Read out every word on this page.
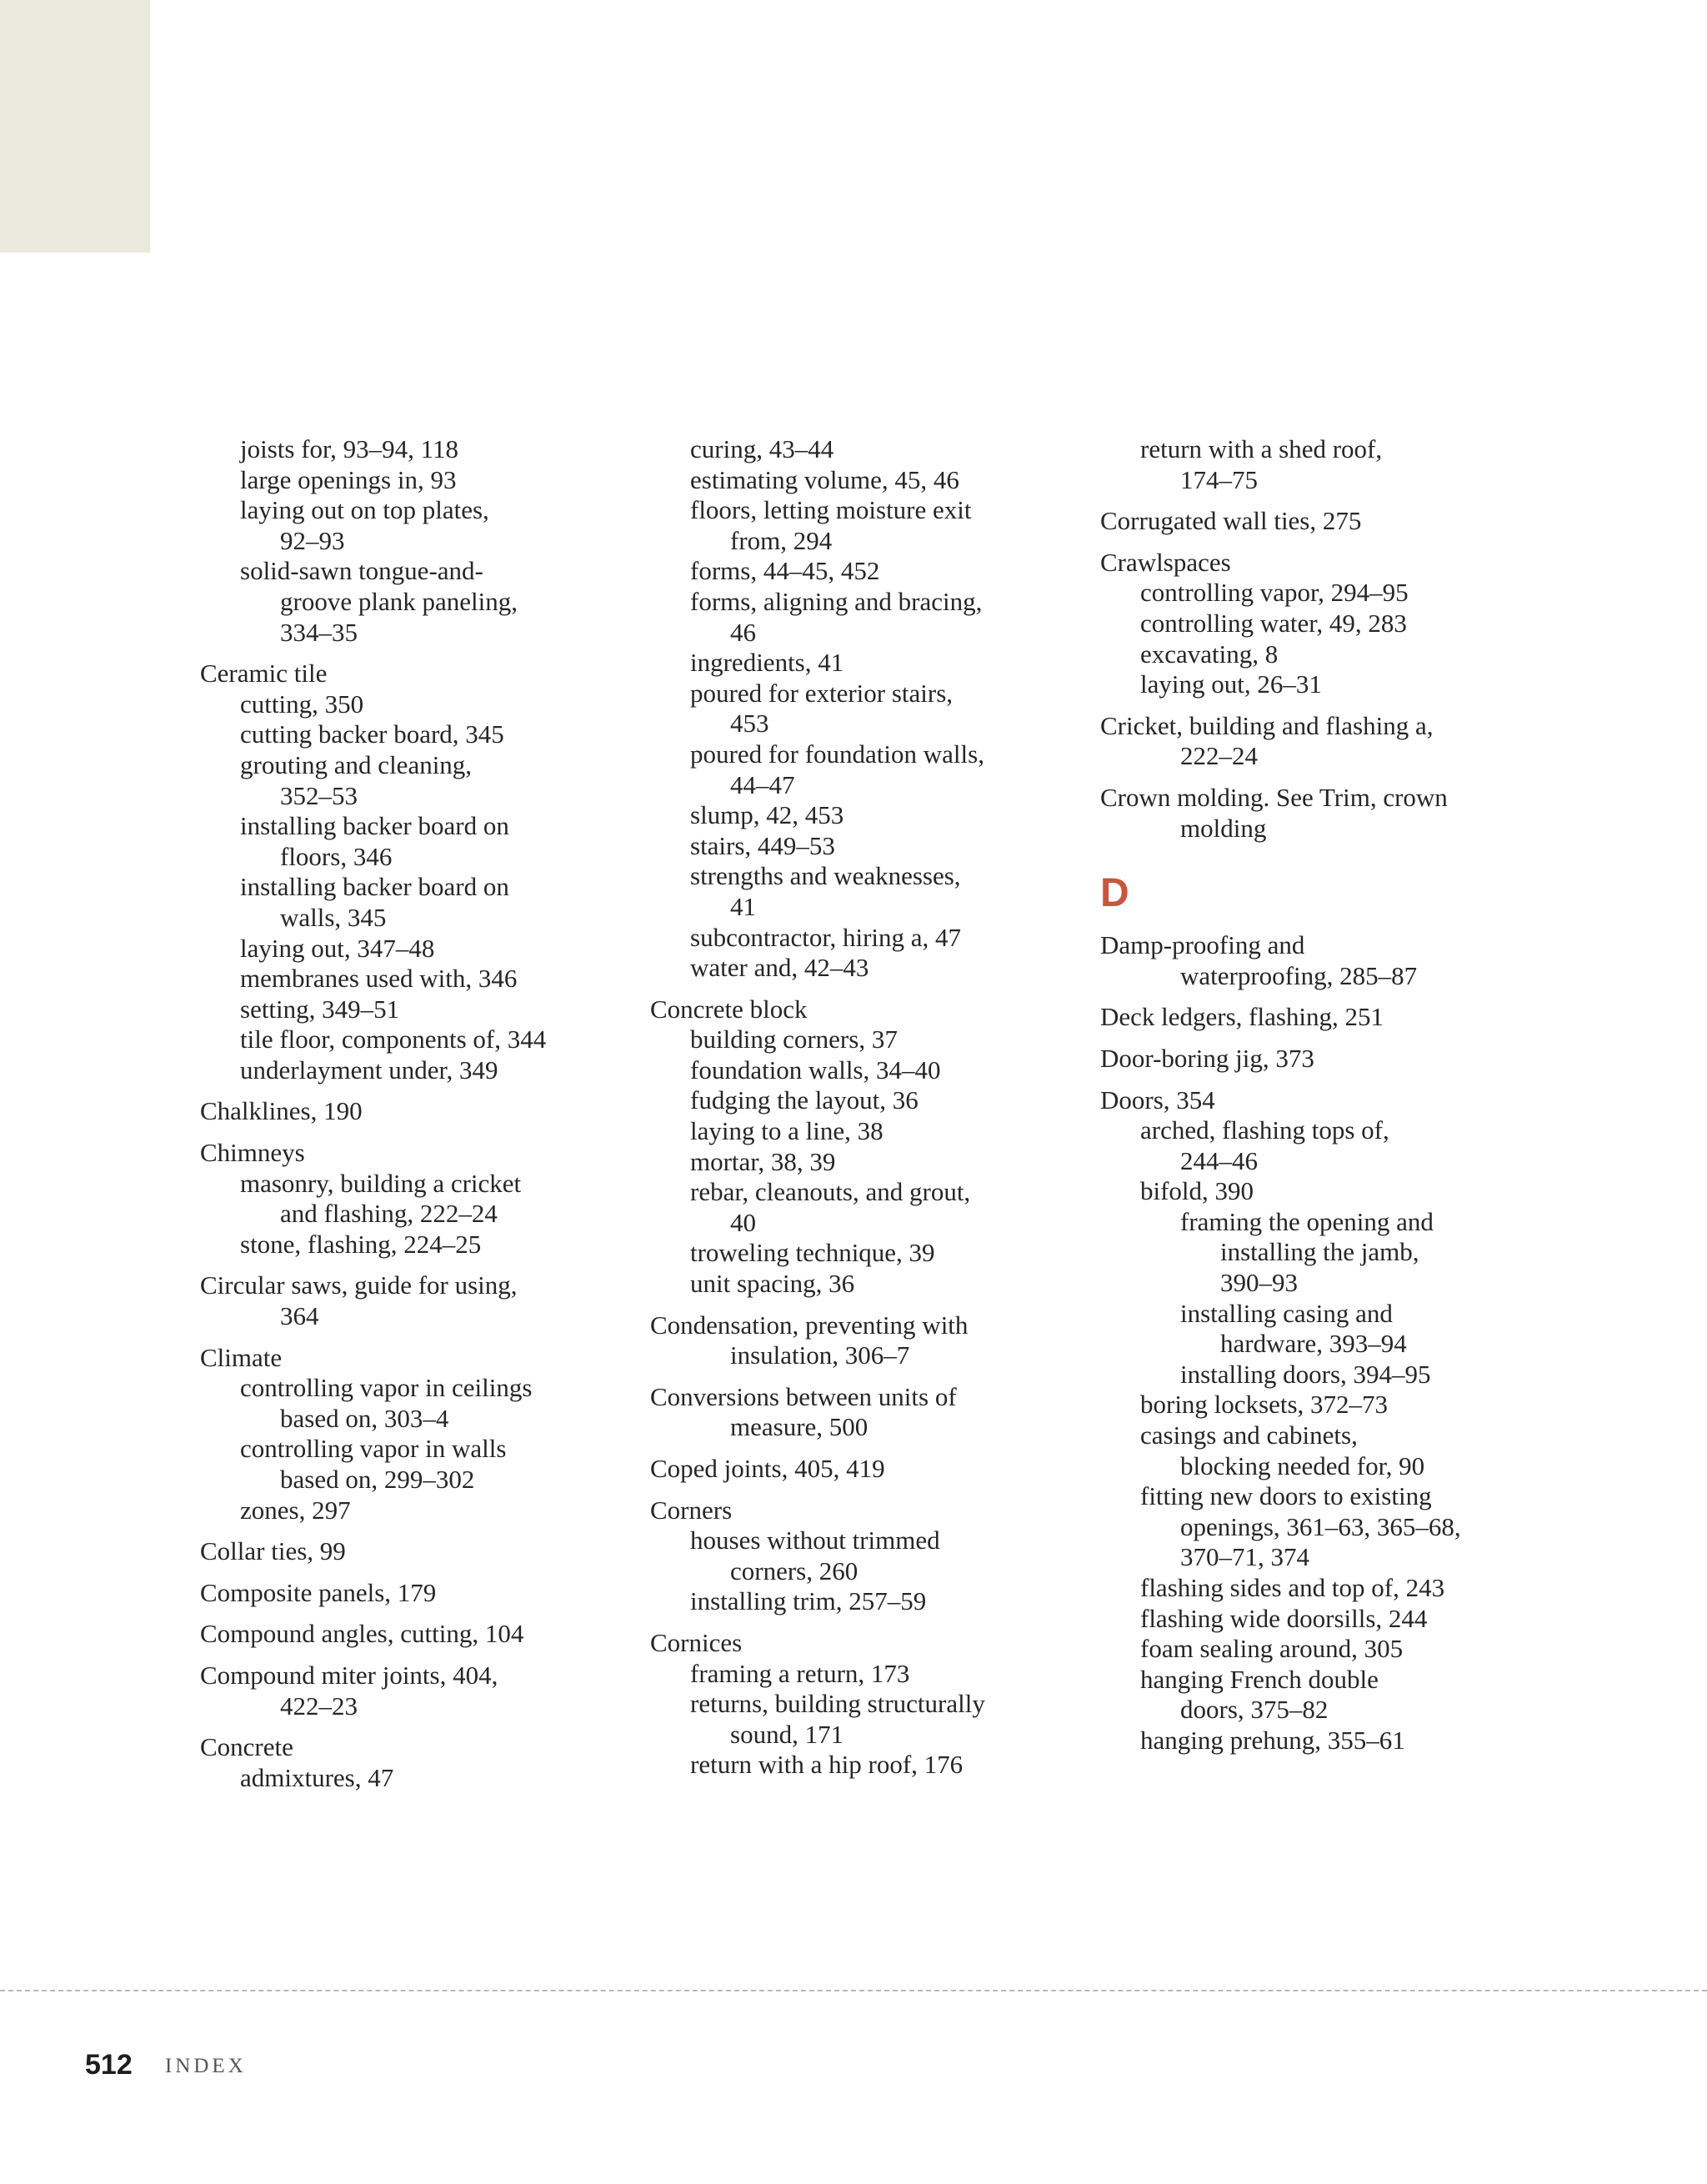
joists for, 93–94, 118
large openings in, 93
laying out on top plates,
92–93
solid-sawn tongue-and-
groove plank paneling,
334–35
Ceramic tile
cutting, 350
cutting backer board, 345
grouting and cleaning,
352–53
installing backer board on
floors, 346
installing backer board on
walls, 345
laying out, 347–48
membranes used with, 346
setting, 349–51
tile floor, components of, 344
underlayment under, 349
Chalklines, 190
Chimneys
masonry, building a cricket
and flashing, 222–24
stone, flashing, 224–25
Circular saws, guide for using,
364
Climate
controlling vapor in ceilings
based on, 303–4
controlling vapor in walls
based on, 299–302
zones, 297
Collar ties, 99
Composite panels, 179
Compound angles, cutting, 104
Compound miter joints, 404,
422–23
Concrete
admixtures, 47
curing, 43–44
estimating volume, 45, 46
floors, letting moisture exit
from, 294
forms, 44–45, 452
forms, aligning and bracing,
46
ingredients, 41
poured for exterior stairs,
453
poured for foundation walls,
44–47
slump, 42, 453
stairs, 449–53
strengths and weaknesses,
41
subcontractor, hiring a, 47
water and, 42–43
Concrete block
building corners, 37
foundation walls, 34–40
fudging the layout, 36
laying to a line, 38
mortar, 38, 39
rebar, cleanouts, and grout,
40
troweling technique, 39
unit spacing, 36
Condensation, preventing with
insulation, 306–7
Conversions between units of
measure, 500
Coped joints, 405, 419
Corners
houses without trimmed
corners, 260
installing trim, 257–59
Cornices
framing a return, 173
returns, building structurally
sound, 171
return with a hip roof, 176
return with a shed roof,
174–75
Corrugated wall ties, 275
Crawlspaces
controlling vapor, 294–95
controlling water, 49, 283
excavating, 8
laying out, 26–31
Cricket, building and flashing a,
222–24
Crown molding. See Trim, crown
molding
D
Damp-proofing and
waterproofing, 285–87
Deck ledgers, flashing, 251
Door-boring jig, 373
Doors, 354
arched, flashing tops of,
244–46
bifold, 390
framing the opening and
installing the jamb,
390–93
installing casing and
hardware, 393–94
installing doors, 394–95
boring locksets, 372–73
casings and cabinets,
blocking needed for, 90
fitting new doors to existing
openings, 361–63, 365–68,
370–71, 374
flashing sides and top of, 243
flashing wide doorsills, 244
foam sealing around, 305
hanging French double
doors, 375–82
hanging prehung, 355–61
512 INDEX
